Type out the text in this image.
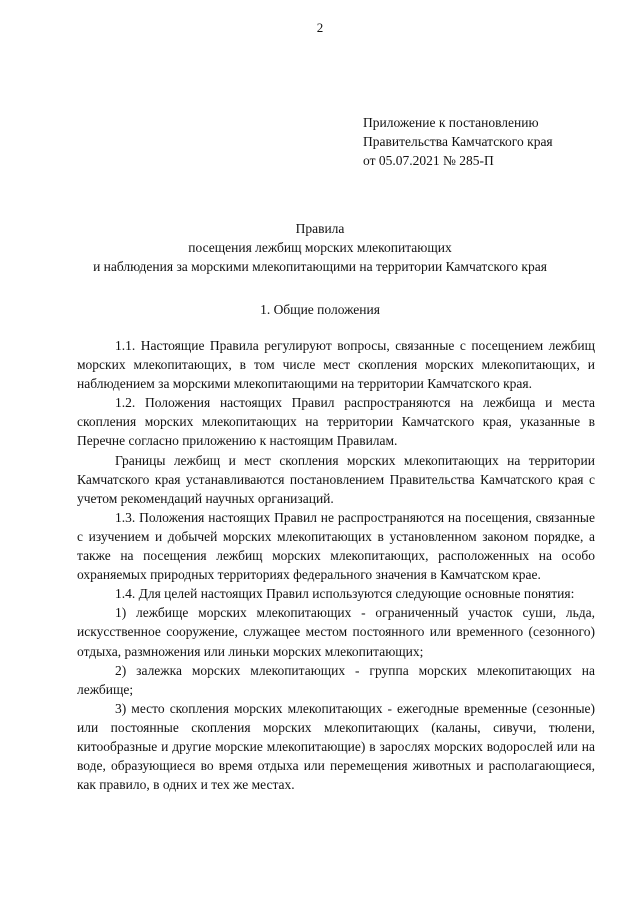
2
Приложение к постановлению
Правительства Камчатского края
от 05.07.2021 № 285-П
Правила
посещения лежбищ морских млекопитающих
и наблюдения за морскими млекопитающими на территории Камчатского края
1. Общие положения

1.1. Настоящие Правила регулируют вопросы, связанные с посещением лежбищ морских млекопитающих, в том числе мест скопления морских млекопитающих, и наблюдением за морскими млекопитающими на территории Камчатского края.

1.2. Положения настоящих Правил распространяются на лежбища и места скопления морских млекопитающих на территории Камчатского края, указанные в Перечне согласно приложению к настоящим Правилам.

Границы лежбищ и мест скопления морских млекопитающих на территории Камчатского края устанавливаются постановлением Правительства Камчатского края с учетом рекомендаций научных организаций.

1.3. Положения настоящих Правил не распространяются на посещения, связанные с изучением и добычей морских млекопитающих в установленном законом порядке, а также на посещения лежбищ морских млекопитающих, расположенных на особо охраняемых природных территориях федерального значения в Камчатском крае.

1.4. Для целей настоящих Правил используются следующие основные понятия:

1) лежбище морских млекопитающих - ограниченный участок суши, льда, искусственное сооружение, служащее местом постоянного или временного (сезонного) отдыха, размножения или линьки морских млекопитающих;

2) залежка морских млекопитающих - группа морских млекопитающих на лежбище;

3) место скопления морских млекопитающих - ежегодные временные (сезонные) или постоянные скопления морских млекопитающих (каланы, сивучи, тюлени, китообразные и другие морские млекопитающие) в зарослях морских водорослей или на воде, образующиеся во время отдыха или перемещения животных и располагающиеся, как правило, в одних и тех же местах.
